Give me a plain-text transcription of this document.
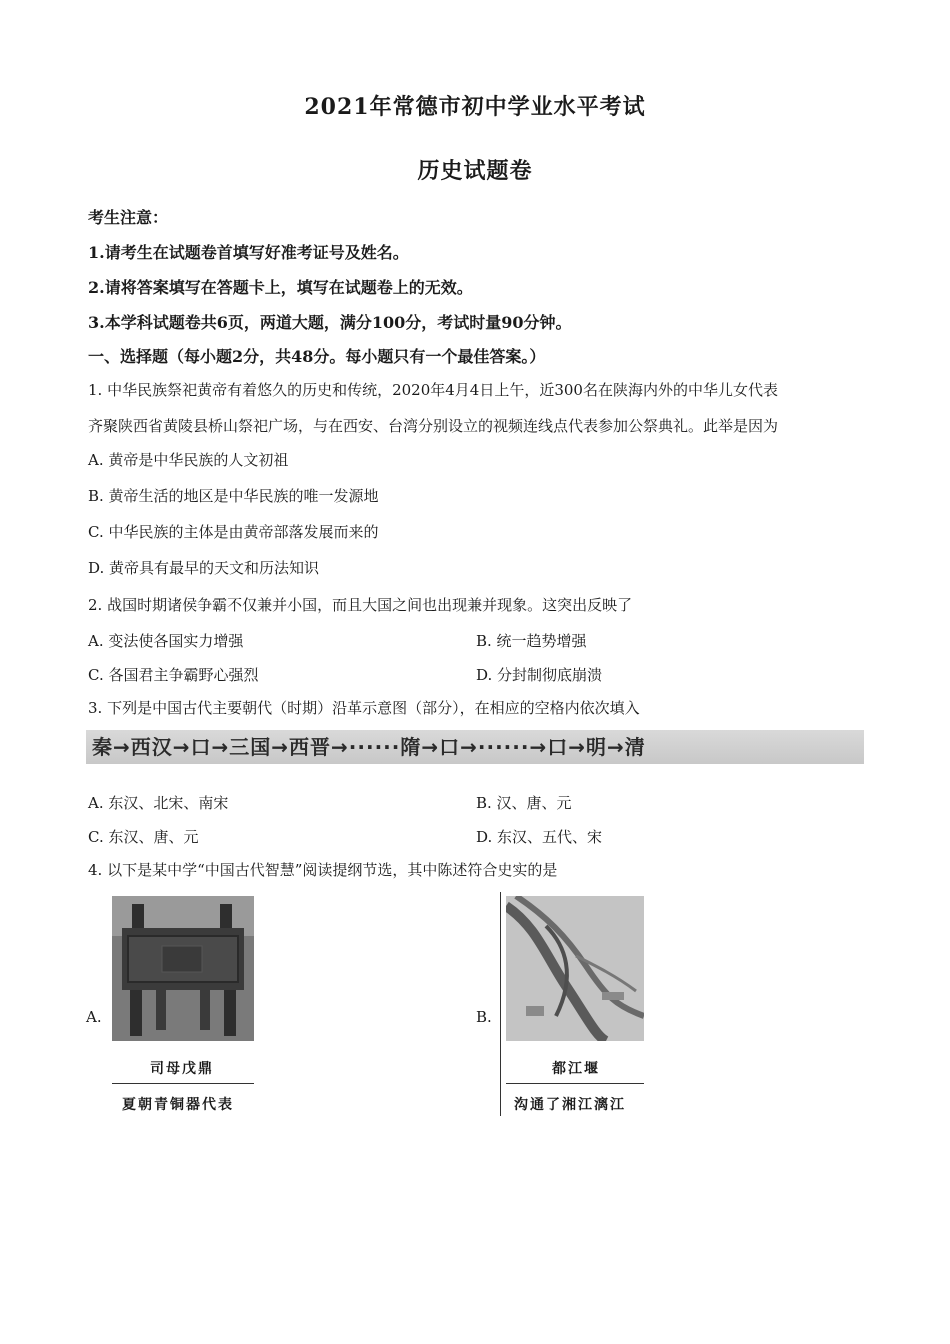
2021年常德市初中学业水平考试
历史试题卷
考生注意：
1.请考生在试题卷首填写好准考证号及姓名。
2.请将答案填写在答题卡上，填写在试题卷上的无效。
3.本学科试题卷共6页，两道大题，满分100分，考试时量90分钟。
一、选择题（每小题2分，共48分。每小题只有一个最佳答案。）
1. 中华民族祭祀黄帝有着悠久的历史和传统，2020年4月4日上午，近300名在陕海内外的中华儿女代表
齐聚陕西省黄陵县桥山祭祀广场，与在西安、台湾分别设立的视频连线点代表参加公祭典礼。此举是因为
A. 黄帝是中华民族的人文初祖
B. 黄帝生活的地区是中华民族的唯一发源地
C. 中华民族的主体是由黄帝部落发展而来的
D. 黄帝具有最早的天文和历法知识
2. 战国时期诸侯争霸不仅兼并小国，而且大国之间也出现兼并现象。这突出反映了
A. 变法使各国实力增强	B. 统一趋势增强
C. 各国君主争霸野心强烈	D. 分封制彻底崩溃
3. 下列是中国古代主要朝代（时期）沿革示意图（部分），在相应的空格内依次填入
秦→西汉→口→三国→西晋→······隋→口→······→口→明→清
A. 东汉、北宋、南宋	B. 汉、唐、元
C. 东汉、唐、元	D. 东汉、五代、宋
4. 以下是某中学“中国古代智慧”阅读提纲节选，其中陈述符合史实的是
A.
司母戊鼎
夏朝青铜器代表
B.
都江堰
沟通了湘江漓江
